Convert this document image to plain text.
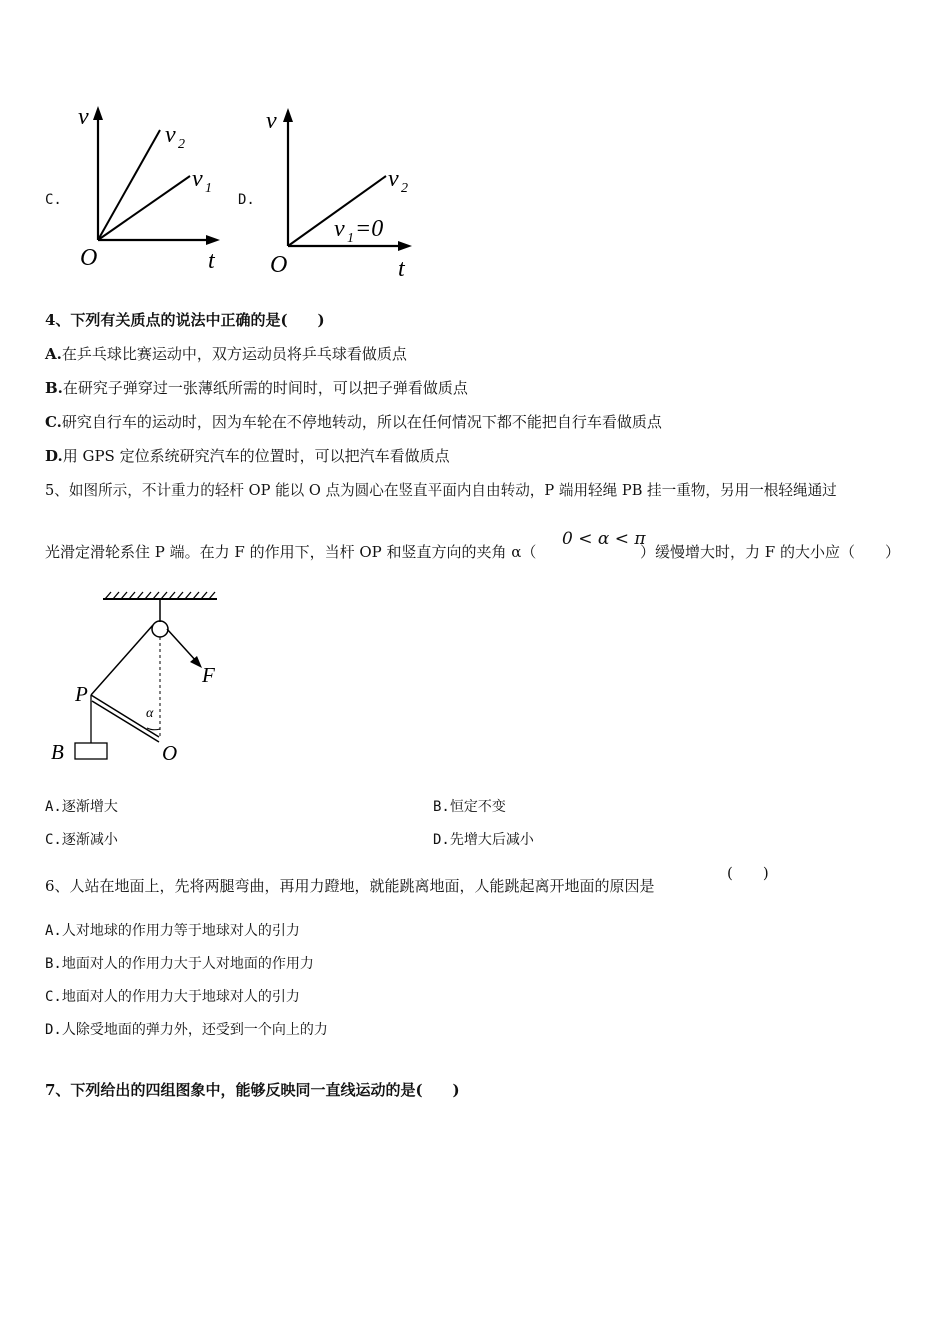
C.
v
t
O
v 2
v 1
D.
v
t
O
v 2
v 1 =0
4、下列有关质点的说法中正确的是(　　)
A.在乒乓球比赛运动中，双方运动员将乒乓球看做质点
B.在研究子弹穿过一张薄纸所需的时间时，可以把子弹看做质点
C.研究自行车的运动时，因为车轮在不停地转动，所以在任何情况下都不能把自行车看做质点
D.用 GPS 定位系统研究汽车的位置时，可以把汽车看做质点
5、如图所示，不计重力的轻杆 OP 能以 O 点为圆心在竖直平面内自由转动，P 端用轻绳 PB 挂一重物，另用一根轻绳通过
光滑定滑轮系住 P 端。在力 F 的作用下，当杆 OP 和竖直方向的夹角 α（
0 < α < π
）缓慢增大时，力 F 的大小应（　　）
P
B	O
F
α
A.逐渐增大	B.恒定不变
C.逐渐减小	D.先增大后减小
6、人站在地面上，先将两腿弯曲，再用力蹬地，就能跳离地面，人能跳起离开地面的原因是
(　　)
A.人对地球的作用力等于地球对人的引力
B.地面对人的作用力大于人对地面的作用力
C.地面对人的作用力大于地球对人的引力
D.人除受地面的弹力外，还受到一个向上的力
7、下列给出的四组图象中，能够反映同一直线运动的是(　　)
